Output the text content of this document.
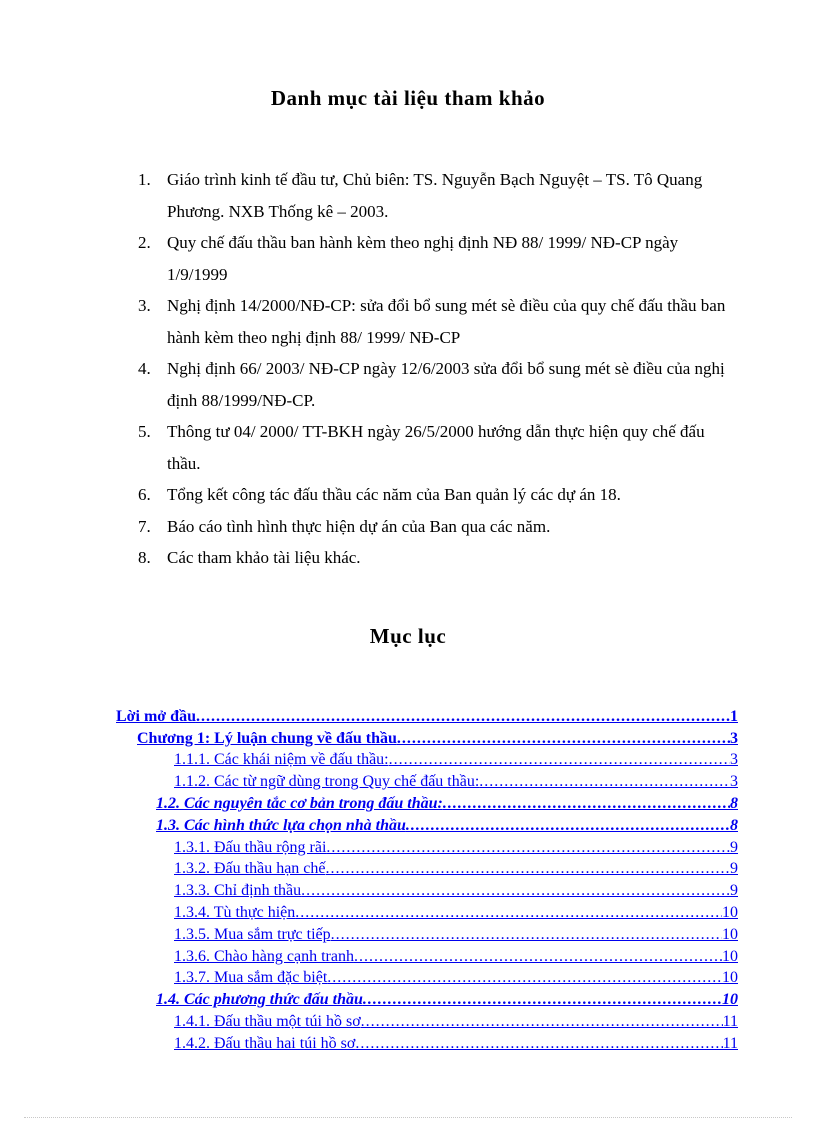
Danh mục tài liệu tham khảo
1. Giáo trình kinh tế đầu tư, Chủ biên: TS. Nguyễn Bạch Nguyệt – TS. Tô Quang Phương. NXB Thống kê – 2003.
2. Quy chế đấu thầu ban hành kèm theo nghị định NĐ 88/ 1999/ NĐ-CP ngày 1/9/1999
3. Nghị định 14/2000/NĐ-CP: sửa đổi bổ sung mét sè điều của quy chế đấu thầu ban hành kèm theo nghị định 88/ 1999/ NĐ-CP
4. Nghị định 66/ 2003/ NĐ-CP ngày 12/6/2003 sửa đổi bổ sung mét sè điều của nghị định 88/1999/NĐ-CP.
5. Thông tư 04/ 2000/ TT-BKH ngày 26/5/2000 hướng dẫn thực hiện quy chế đấu thầu.
6. Tổng kết công tác đấu thầu các năm của Ban quản lý các dự án 18.
7. Báo cáo tình hình thực hiện dự án của Ban qua các năm.
8. Các tham khảo tài liệu khác.
Mục lục
Lời mở đầu .....	1
Chương 1: Lý luận chung về đấu thầu .....	3
1.1.1. Các khái niệm về đấu thầu: .....	3
1.1.2. Các từ ngữ dùng trong Quy chế đấu thầu: .....	3
1.2. Các nguyên tắc cơ bản trong đấu thầu: .....	8
1.3. Các hình thức lựa chọn nhà thầu .....	8
1.3.1. Đấu thầu rộng rãi .....	9
1.3.2. Đấu thầu hạn chế .....	9
1.3.3. Chỉ định thầu .....	9
1.3.4. Tù thực hiện .....	10
1.3.5. Mua sắm trực tiếp .....	10
1.3.6. Chào hàng cạnh tranh .....	10
1.3.7. Mua sắm đặc biệt .....	10
1.4. Các phương thức đấu thầu .....	10
1.4.1. Đấu thầu một túi hồ sơ .....	11
1.4.2. Đấu thầu hai túi hồ sơ .....	11
